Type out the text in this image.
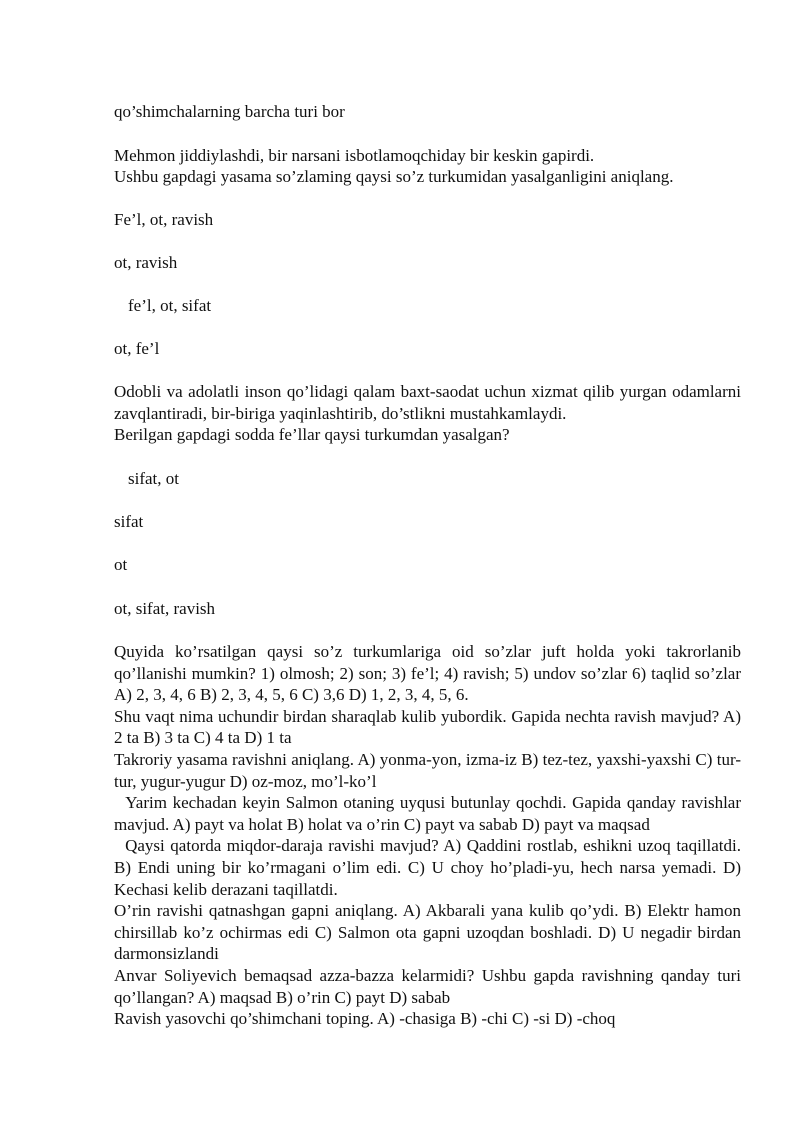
qo’shimchalarning barcha turi bor
Mehmon jiddiylashdi, bir narsani isbotlamoqchiday bir keskin gapirdi.
Ushbu gapdagi yasama so’zlaming qaysi so’z turkumidan yasalganligini aniqlang.
Fe’l, ot, ravish
ot, ravish
fe’l, ot, sifat
ot, fe’l

Odobli va adolatli inson qo’lidagi qalam baxt-saodat uchun xizmat qilib yurgan odamlarni zavqlantiradi, bir-biriga yaqinlashtirib, do’stlikni mustahkamlaydi.

Berilgan gapdagi sodda fe’llar qaysi turkumdan yasalgan?

sifat, ot
sifat
ot
ot, sifat, ravish

Quyida ko’rsatilgan qaysi so’z turkumlariga oid so’zlar juft holda yoki takrorlanib qo’llanishi mumkin? 1) olmosh; 2) son; 3) fe’l; 4) ravish; 5) undov so’zlar 6) taqlid so’zlar A) 2, 3, 4, 6 B) 2, 3, 4, 5, 6 C) 3,6 D) 1, 2, 3, 4, 5, 6.

Shu vaqt nima uchundir birdan sharaqlab kulib yubordik. Gapida nechta ravish mavjud? A) 2 ta B) 3 ta C) 4 ta D) 1 ta

Takroriy yasama ravishni aniqlang. A) yonma-yon, izma-iz B) tez-tez, yaxshi-yaxshi C) tur-tur, yugur-yugur D) oz-moz, mo’l-ko’l

Yarim kechadan keyin Salmon otaning uyqusi butunlay qochdi. Gapida qanday ravishlar mavjud. A) payt va holat B) holat va o’rin C) payt va sabab D) payt va maqsad

Qaysi qatorda miqdor-daraja ravishi mavjud? A) Qaddini rostlab, eshikni uzoq taqillatdi. B) Endi uning bir ko’rmagani o’lim edi. C) U choy ho’pladi-yu, hech narsa yemadi. D) Kechasi kelib derazani taqillatdi.

O’rin ravishi qatnashgan gapni aniqlang. A) Akbarali yana kulib qo’ydi. B) Elektr hamon chirsillab ko’z ochirmas edi C) Salmon ota gapni uzoqdan boshladi. D) U negadir birdan darmonsizlandi

Anvar Soliyevich bemaqsad azza-bazza kelarmidi? Ushbu gapda ravishning qanday turi qo’llangan? A) maqsad B) o’rin C) payt D) sabab

Ravish yasovchi qo’shimchani toping. A) -chasiga B) -chi C) -si D) -choq
